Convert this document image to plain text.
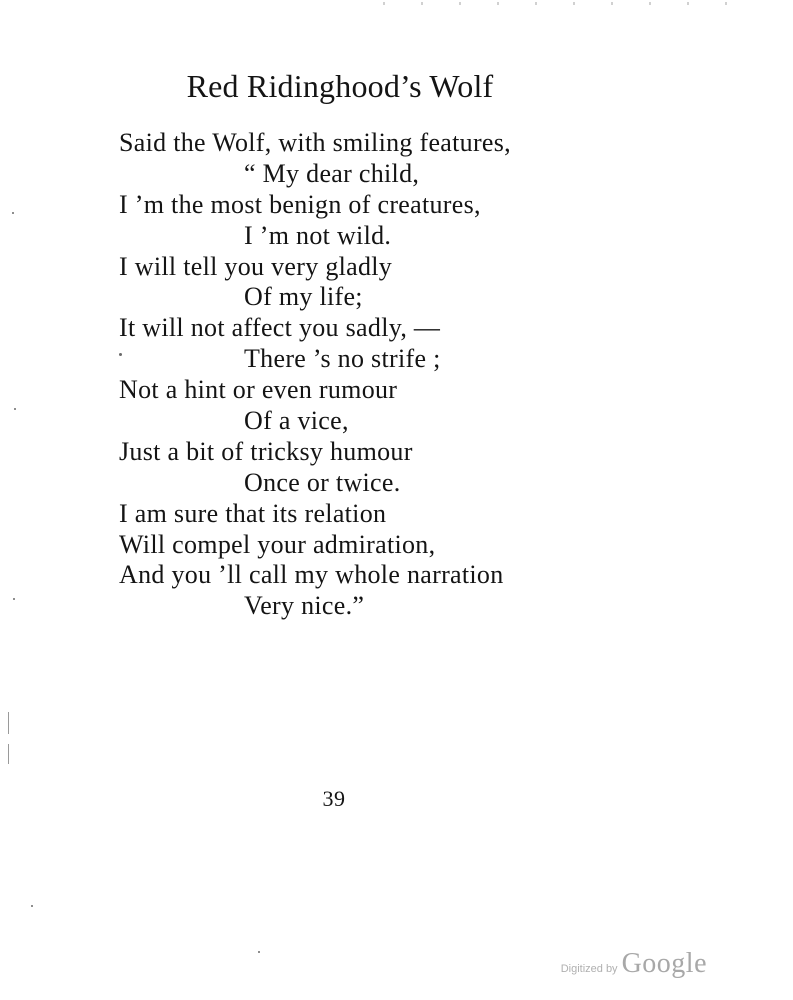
Red Ridinghood’s Wolf
Said the Wolf, with smiling features,
“ My dear child,
I ’m the most benign of creatures,
I ’m not wild.
I will tell you very gladly
Of my life;
It will not affect you sadly, —
There ’s no strife ;
Not a hint or even rumour
Of a vice,
Just a bit of tricksy humour
Once or twice.
I am sure that its relation
Will compel your admiration,
And you ’ll call my whole narration
Very nice.”
39
Digitized by Google
